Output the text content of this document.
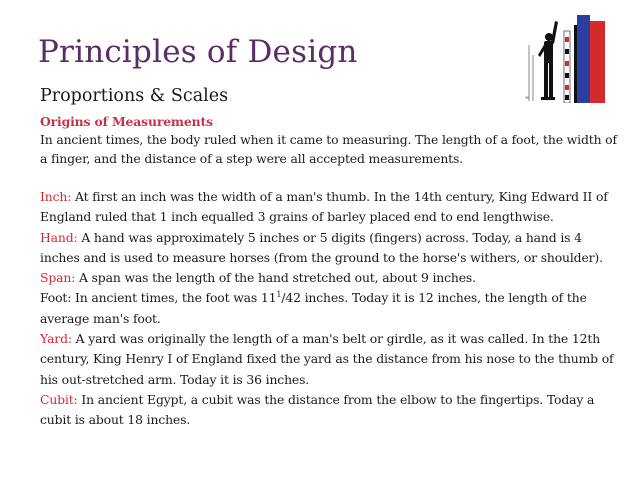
Principles of Design
Proportions & Scales	≈

Origins of Measurements

In ancient times, the body ruled when it came to measuring. The length of a foot, the width of a finger, and the distance of a step were all accepted measurements.

Inch: At first an inch was the width of a man's thumb. In the 14th century, King Edward II of England ruled that 1 inch equalled 3 grains of barley placed end to end lengthwise.

Hand: A hand was approximately 5 inches or 5 digits (fingers) across. Today, a hand is 4 inches and is used to measure horses (from the ground to the horse's withers, or shoulder).

Span: A span was the length of the hand stretched out, about 9 inches.

Foot: In ancient times, the foot was $11^1/42$ inches. Today it is 12 inches, the length of the average man's foot.

Yard: A yard was originally the length of a man's belt or girdle, as it was called. In the 12th century, King Henry I of England fixed the yard as the distance from his nose to the thumb of his out-stretched arm. Today it is 36 inches.

Cubit: In ancient Egypt, a cubit was the distance from the elbow to the fingertips. Today a cubit is about 18 inches.
